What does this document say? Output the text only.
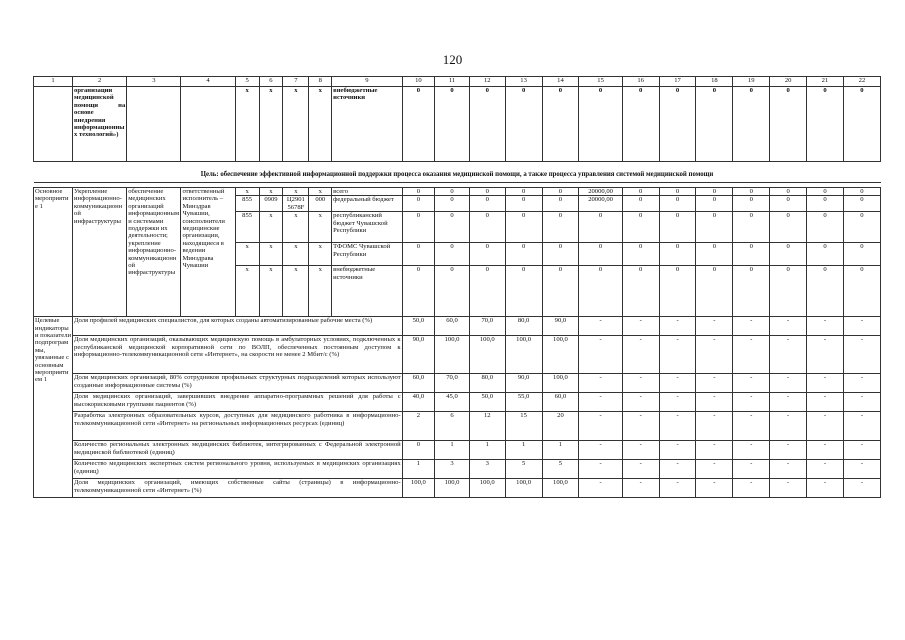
120
1	2	3	4	5	6	7	8	9	10	11	12	13	14	15	16	17	18	19	20	21	22
	организации медицинской помощи на основе внедрения информационных технологий»)			х	х	х	х	внебюджетные источники	0	0	0	0	0	0	0	0	0	0	0	0	0
Цель: обеспечение эффективной информационной поддержки процесса оказания медицинской помощи, а также процесса управления системой медицинской помощи																					

Основное мероприятие 1	Укрепление информационно-коммуникационной инфраструктуры	обеспечение медицинских организаций информационными системами поддержки их деятельности; укрепление информационно-коммуникационной инфраструктуры	ответственный исполнитель – Минздрав Чувашии, соисполнители медицинские организации, находящиеся в ведении Минздрава Чувашии	х	х	х	х	всего	0	0	0	0	0	20000,00	0	0	0	0	0	0	0
				855	0909	Ц2901 5678F	000	федеральный бюджет	0	0	0	0	0	20000,00	0	0	0	0	0	0	0
				855	х	х	х	республиканский бюджет Чувашской Республики	0	0	0	0	0	0	0	0	0	0	0	0	0
				х	х	х	х	ТФОМС Чувашской Республики	0	0	0	0	0	0	0	0	0	0	0	0	0
				х	х	х	х	внебюджетные источники	0	0	0	0	0	0	0	0	0	0	0	0	0
Целевые индикаторы и показатели подпрограммы, увязанные с основным мероприятием 1	Доля профилей медицинских специалистов, для которых созданы автоматизированные рабочие места (%)								50,0	60,0	70,0	80,0	90,0	-	-	-	-	-	-	-	-
	Доля медицинских организаций, оказывающих медицинскую помощь в амбулаторных условиях, подключенных к республиканской медицинской корпоративной сети по ВОЛП, обеспеченных постоянным доступом к информационно-телекоммуникационной сети «Интернет», на скорости не менее 2 Мбит/с (%)								90,0	100,0	100,0	100,0	100,0	-	-	-	-	-	-	-	-
	Доля медицинских организаций, 80% сотрудников профильных структурных подразделений которых используют созданные информационные системы (%)								60,0	70,0	80,0	90,0	100,0	-	-	-	-	-	-	-	-
	Доля медицинских организаций, завершивших внедрение аппаратно-программных решений для работы с высокорисковыми группами пациентов (%)								40,0	45,0	50,0	55,0	60,0	-	-	-	-	-	-	-	-
	Разработка электронных образовательных курсов, доступных для медицинского работника в информационно-телекоммуникационной сети «Интернет» на региональных информационных ресурсах (единиц)								2	6	12	15	20	-	-	-	-	-	-	-	-
	Количество региональных электронных медицинских библиотек, интегрированных с Федеральной электронной медицинской библиотекой (единиц)								0	1	1	1	1	-	-	-	-	-	-	-	-
	Количество медицинских экспертных систем регионального уровня, используемых в медицинских организациях (единиц)								1	3	3	5	5	-	-	-	-	-	-	-	-
	Доля медицинских организаций, имеющих собственные сайты (страницы) в информационно-телекоммуникационной сети «Интернет» (%)								100,0	100,0	100,0	100,0	100,0	-	-	-	-	-	-	-	-
